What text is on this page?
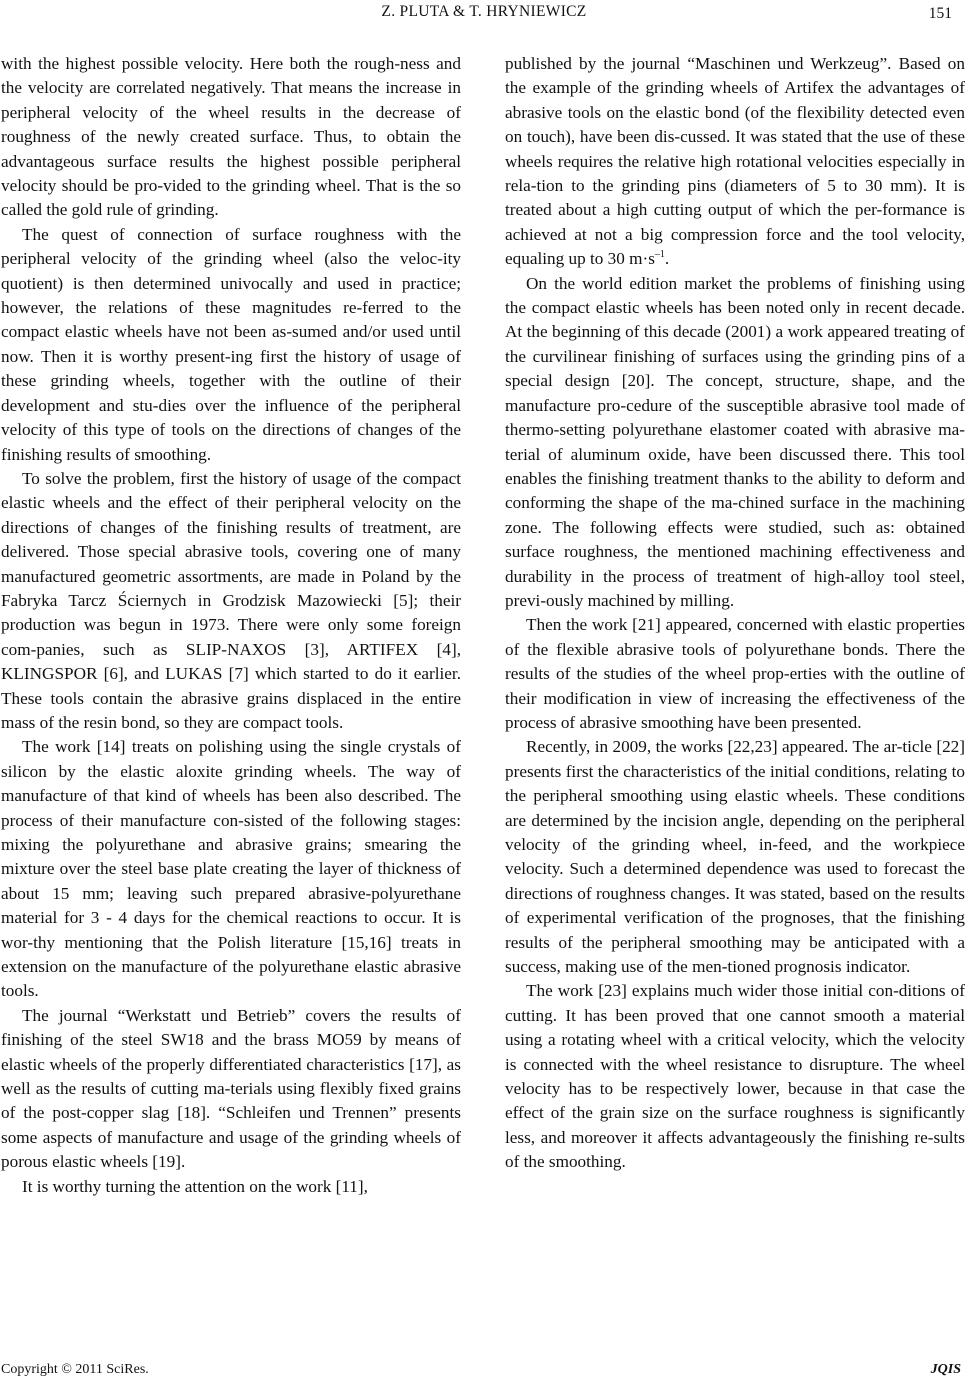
Z. PLUTA & T. HRYNIEWICZ	151

with the highest possible velocity. Here both the rough-ness and the velocity are correlated negatively. That means the increase in peripheral velocity of the wheel results in the decrease of roughness of the newly created surface. Thus, to obtain the advantageous surface results the highest possible peripheral velocity should be pro-vided to the grinding wheel. That is the so called the gold rule of grinding.

The quest of connection of surface roughness with the peripheral velocity of the grinding wheel (also the veloc-ity quotient) is then determined univocally and used in practice; however, the relations of these magnitudes re-ferred to the compact elastic wheels have not been as-sumed and/or used until now. Then it is worthy present-ing first the history of usage of these grinding wheels, together with the outline of their development and stu-dies over the influence of the peripheral velocity of this type of tools on the directions of changes of the finishing results of smoothing.

To solve the problem, first the history of usage of the compact elastic wheels and the effect of their peripheral velocity on the directions of changes of the finishing results of treatment, are delivered. Those special abrasive tools, covering one of many manufactured geometric assortments, are made in Poland by the Fabryka Tarcz Ściernych in Grodzisk Mazowiecki [5]; their production was begun in 1973. There were only some foreign com-panies, such as SLIP-NAXOS [3], ARTIFEX [4], KLINGSPOR [6], and LUKAS [7] which started to do it earlier. These tools contain the abrasive grains displaced in the entire mass of the resin bond, so they are compact tools.

The work [14] treats on polishing using the single crystals of silicon by the elastic aloxite grinding wheels. The way of manufacture of that kind of wheels has been also described. The process of their manufacture con-sisted of the following stages: mixing the polyurethane and abrasive grains; smearing the mixture over the steel base plate creating the layer of thickness of about 15 mm; leaving such prepared abrasive-polyurethane material for 3 - 4 days for the chemical reactions to occur. It is wor-thy mentioning that the Polish literature [15,16] treats in extension on the manufacture of the polyurethane elastic abrasive tools.

The journal “Werkstatt und Betrieb” covers the results of finishing of the steel SW18 and the brass MO59 by means of elastic wheels of the properly differentiated characteristics [17], as well as the results of cutting ma-terials using flexibly fixed grains of the post-copper slag [18]. “Schleifen und Trennen” presents some aspects of manufacture and usage of the grinding wheels of porous elastic wheels [19].

It is worthy turning the attention on the work [11],

published by the journal “Maschinen und Werkzeug”. Based on the example of the grinding wheels of Artifex the advantages of abrasive tools on the elastic bond (of the flexibility detected even on touch), have been dis-cussed. It was stated that the use of these wheels requires the relative high rotational velocities especially in rela-tion to the grinding pins (diameters of 5 to 30 mm). It is treated about a high cutting output of which the per-formance is achieved at not a big compression force and the tool velocity, equaling up to 30 $m\cdot s^{-1}$.

On the world edition market the problems of finishing using the compact elastic wheels has been noted only in recent decade. At the beginning of this decade (2001) a work appeared treating of the curvilinear finishing of surfaces using the grinding pins of a special design [20]. The concept, structure, shape, and the manufacture pro-cedure of the susceptible abrasive tool made of thermo-setting polyurethane elastomer coated with abrasive ma-terial of aluminum oxide, have been discussed there. This tool enables the finishing treatment thanks to the ability to deform and conforming the shape of the ma-chined surface in the machining zone. The following effects were studied, such as: obtained surface roughness, the mentioned machining effectiveness and durability in the process of treatment of high-alloy tool steel, previ-ously machined by milling.

Then the work [21] appeared, concerned with elastic properties of the flexible abrasive tools of polyurethane bonds. There the results of the studies of the wheel prop-erties with the outline of their modification in view of increasing the effectiveness of the process of abrasive smoothing have been presented.

Recently, in 2009, the works [22,23] appeared. The ar-ticle [22] presents first the characteristics of the initial conditions, relating to the peripheral smoothing using elastic wheels. These conditions are determined by the incision angle, depending on the peripheral velocity of the grinding wheel, in-feed, and the workpiece velocity. Such a determined dependence was used to forecast the directions of roughness changes. It was stated, based on the results of experimental verification of the prognoses, that the finishing results of the peripheral smoothing may be anticipated with a success, making use of the men-tioned prognosis indicator.

The work [23] explains much wider those initial con-ditions of cutting. It has been proved that one cannot smooth a material using a rotating wheel with a critical velocity, which the velocity is connected with the wheel resistance to disrupture. The wheel velocity has to be respectively lower, because in that case the effect of the grain size on the surface roughness is significantly less, and moreover it affects advantageously the finishing re-sults of the smoothing.

Copyright © 2011 SciRes.	JQIS
